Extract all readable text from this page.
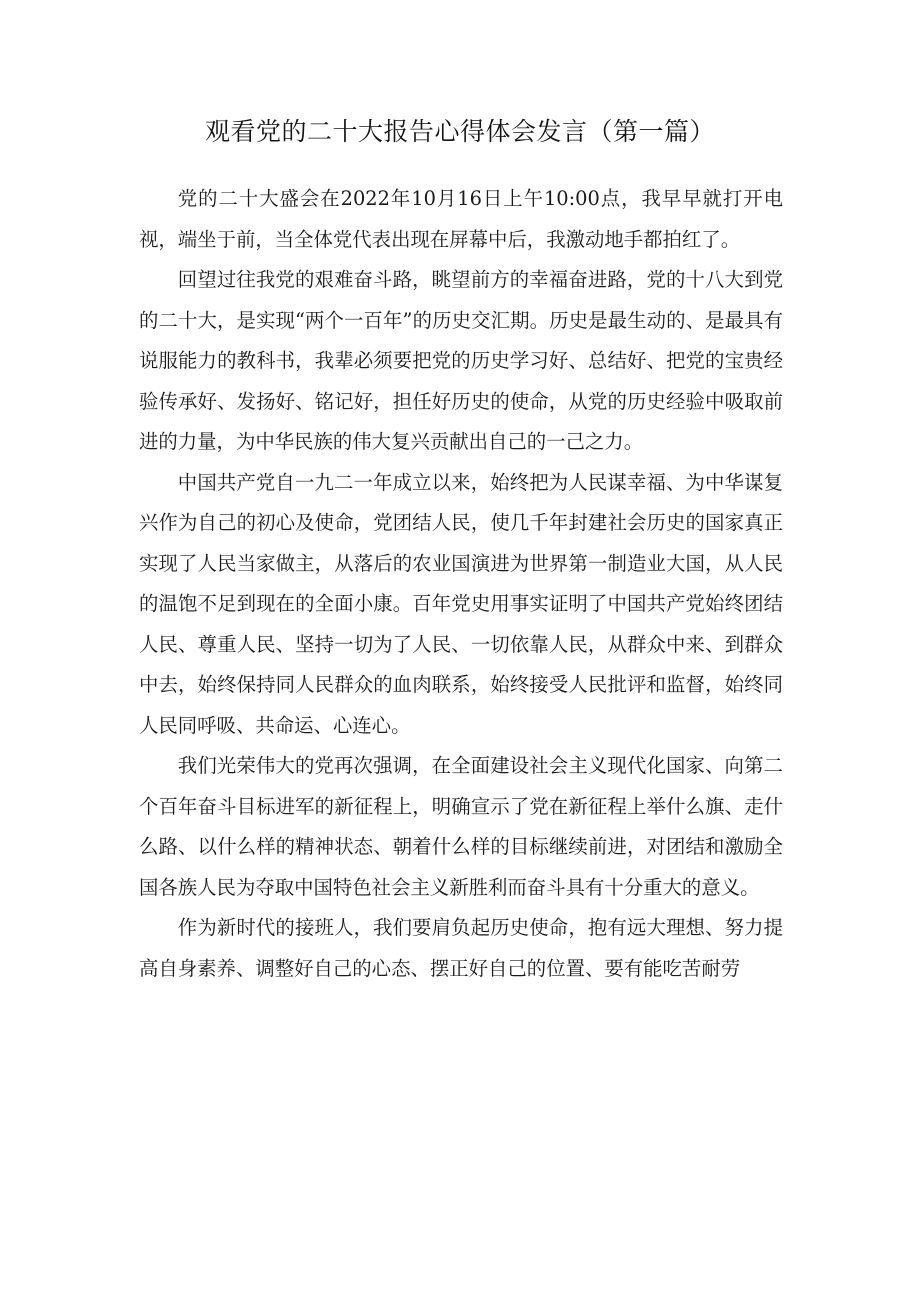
观看党的二十大报告心得体会发言（第一篇）

党的二十大盛会在2022年10月16日上午10:00点，我早早就打开电视，端坐于前，当全体党代表出现在屏幕中后，我激动地手都拍红了。

回望过往我党的艰难奋斗路，眺望前方的幸福奋进路，党的十八大到党的二十大，是实现“两个一百年”的历史交汇期。历史是最生动的、是最具有说服能力的教科书，我辈必须要把党的历史学习好、总结好、把党的宝贵经验传承好、发扬好、铭记好，担任好历史的使命，从党的历史经验中吸取前进的力量，为中华民族的伟大复兴贡献出自己的一己之力。

中国共产党自一九二一年成立以来，始终把为人民谋幸福、为中华谋复兴作为自己的初心及使命，党团结人民，使几千年封建社会历史的国家真正实现了人民当家做主，从落后的农业国演进为世界第一制造业大国，从人民的温饱不足到现在的全面小康。百年党史用事实证明了中国共产党始终团结人民、尊重人民、坚持一切为了人民、一切依靠人民，从群众中来、到群众中去，始终保持同人民群众的血肉联系，始终接受人民批评和监督，始终同人民同呼吸、共命运、心连心。

我们光荣伟大的党再次强调，在全面建设社会主义现代化国家、向第二个百年奋斗目标进军的新征程上，明确宣示了党在新征程上举什么旗、走什么路、以什么样的精神状态、朝着什么样的目标继续前进，对团结和激励全国各族人民为夺取中国特色社会主义新胜利而奋斗具有十分重大的意义。

作为新时代的接班人，我们要肩负起历史使命，抱有远大理想、努力提高自身素养、调整好自己的心态、摆正好自己的位置、要有能吃苦耐劳
